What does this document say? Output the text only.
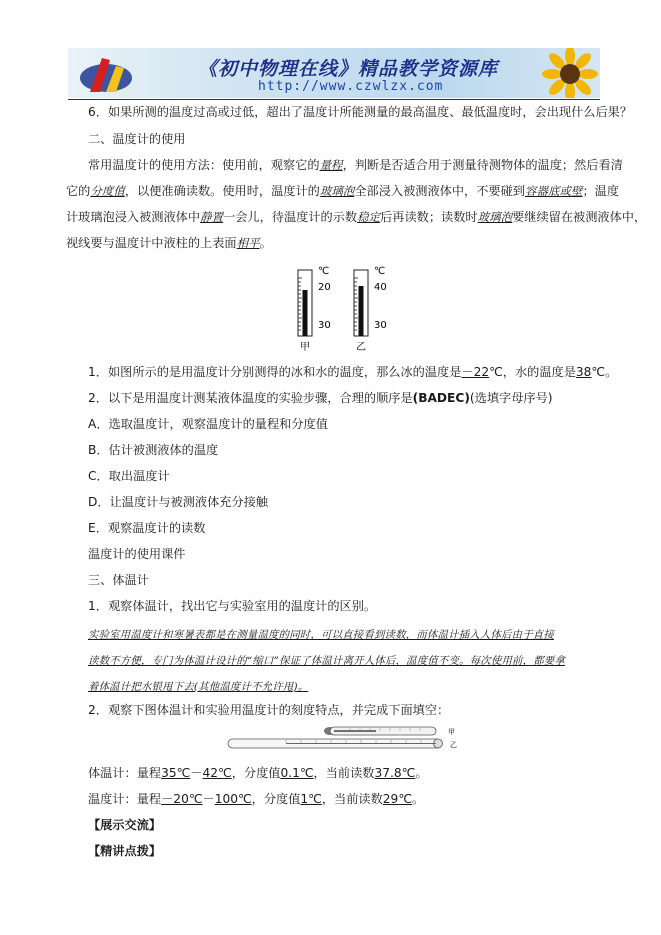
《初中物理在线》精品教学资源库
http://www.czwlzx.com
6．如果所测的温度过高或过低，超出了温度计所能测量的最高温度、最低温度时，会出现什么后果？
二、温度计的使用
常用温度计的使用方法：使用前，观察它的量程，判断是否适合用于测量待测物体的温度；然后看清
它的分度值，以便准确读数。使用时，温度计的玻璃泡全部浸入被测液体中，不要碰到容器底或壁；温度
计玻璃泡浸入被测液体中静置一会儿，待温度计的示数稳定后再读数；读数时玻璃泡要继续留在被测液体中，
视线要与温度计中液柱的上表面相平。
℃
20
30
甲
℃
40
30
乙
1．如图所示的是用温度计分别测得的冰和水的温度，那么冰的温度是－22℃，水的温度是38℃。
2．以下是用温度计测某液体温度的实验步骤，合理的顺序是(BADEC)(选填字母序号)
A．选取温度计，观察温度计的量程和分度值
B．估计被测液体的温度
C．取出温度计
D．让温度计与被测液体充分接触
E．观察温度计的读数
温度计的使用课件
三、体温计
1．观察体温计，找出它与实验室用的温度计的区别。
实验室用温度计和寒暑表都是在测量温度的同时，可以直接看到读数，而体温计插入人体后由于直接
读数不方便，专门为体温计设计的“缩口”保证了体温计离开人体后，温度值不变。每次使用前，都要拿
着体温计把水银甩下去(其他温度计不允许甩)。
2．观察下图体温计和实验用温度计的刻度特点，并完成下面填空：
甲
乙
体温计：量程35℃－42℃，分度值0.1℃，当前读数37.8℃。
温度计：量程－20℃－100℃，分度值1℃，当前读数29℃。
【展示交流】
【精讲点拨】
